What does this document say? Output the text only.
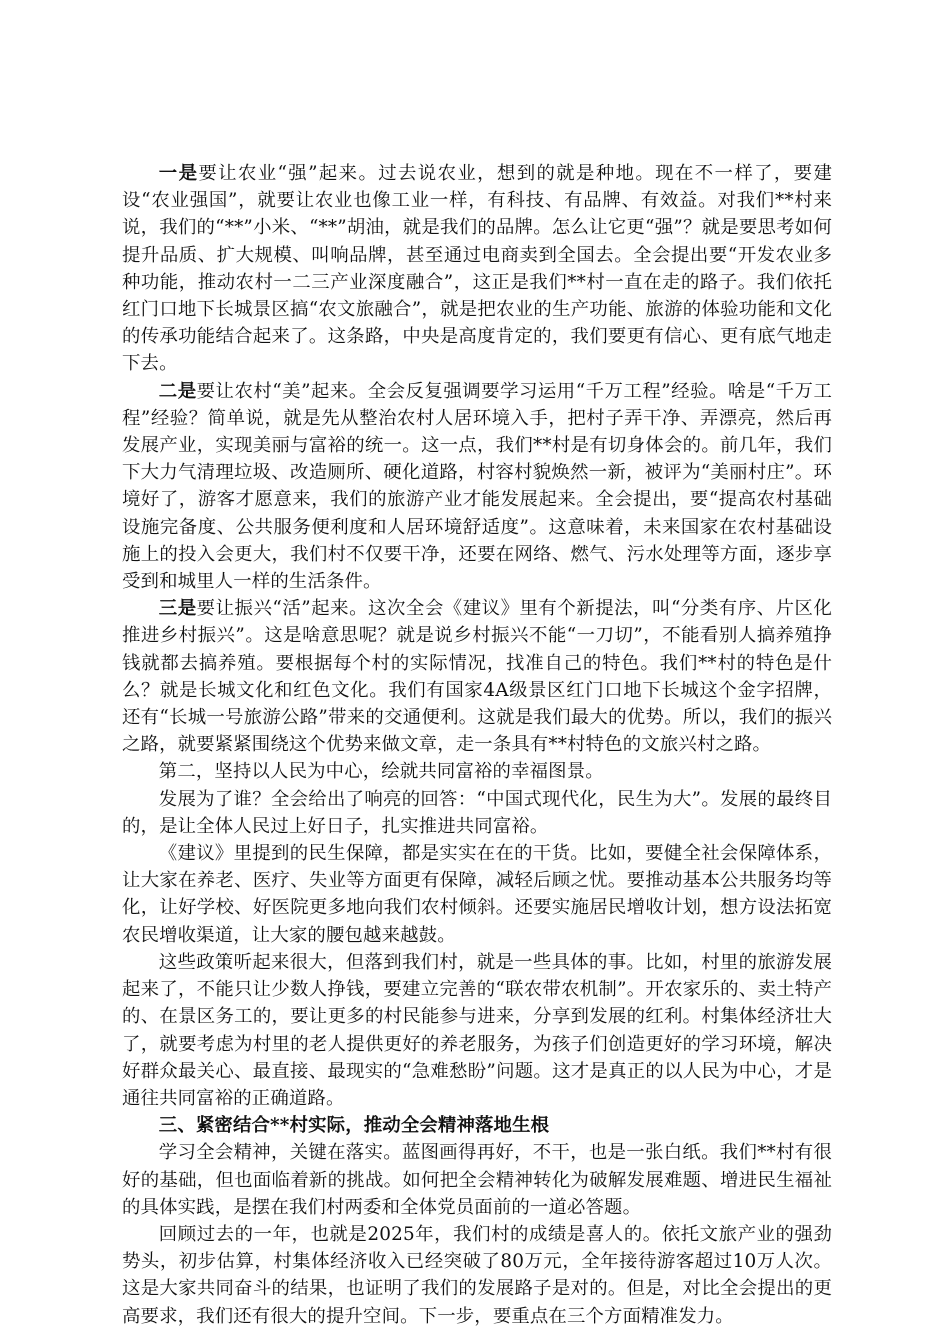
一是要让农业“强”起来。过去说农业，想到的就是种地。现在不一样了，要建设“农业强国”，就要让农业也像工业一样，有科技、有品牌、有效益。对我们**村来说，我们的“**”小米、“**”胡油，就是我们的品牌。怎么让它更“强”？就是要思考如何提升品质、扩大规模、叫响品牌，甚至通过电商卖到全国去。全会提出要“开发农业多种功能，推动农村一二三产业深度融合”，这正是我们**村一直在走的路子。我们依托红门口地下长城景区搞“农文旅融合”，就是把农业的生产功能、旅游的体验功能和文化的传承功能结合起来了。这条路，中央是高度肯定的，我们要更有信心、更有底气地走下去。

二是要让农村“美”起来。全会反复强调要学习运用“千万工程”经验。啥是“千万工程”经验？简单说，就是先从整治农村人居环境入手，把村子弄干净、弄漂亮，然后再发展产业，实现美丽与富裕的统一。这一点，我们**村是有切身体会的。前几年，我们下大力气清理垃圾、改造厕所、硬化道路，村容村貌焕然一新，被评为“美丽村庄”。环境好了，游客才愿意来，我们的旅游产业才能发展起来。全会提出，要“提高农村基础设施完备度、公共服务便利度和人居环境舒适度”。这意味着，未来国家在农村基础设施上的投入会更大，我们村不仅要干净，还要在网络、燃气、污水处理等方面，逐步享受到和城里人一样的生活条件。

三是要让振兴“活”起来。这次全会《建议》里有个新提法，叫“分类有序、片区化推进乡村振兴”。这是啥意思呢？就是说乡村振兴不能“一刀切”，不能看别人搞养殖挣钱就都去搞养殖。要根据每个村的实际情况，找准自己的特色。我们**村的特色是什么？就是长城文化和红色文化。我们有国家4A级景区红门口地下长城这个金字招牌，还有“长城一号旅游公路”带来的交通便利。这就是我们最大的优势。所以，我们的振兴之路，就要紧紧围绕这个优势来做文章，走一条具有**村特色的文旅兴村之路。

第二，坚持以人民为中心，绘就共同富裕的幸福图景。

发展为了谁？全会给出了响亮的回答：“中国式现代化，民生为大”。发展的最终目的，是让全体人民过上好日子，扎实推进共同富裕。

《建议》里提到的民生保障，都是实实在在的干货。比如，要健全社会保障体系，让大家在养老、医疗、失业等方面更有保障，减轻后顾之忧。要推动基本公共服务均等化，让好学校、好医院更多地向我们农村倾斜。还要实施居民增收计划，想方设法拓宽农民增收渠道，让大家的腰包越来越鼓。

这些政策听起来很大，但落到我们村，就是一些具体的事。比如，村里的旅游发展起来了，不能只让少数人挣钱，要建立完善的“联农带农机制”。开农家乐的、卖土特产的、在景区务工的，要让更多的村民能参与进来，分享到发展的红利。村集体经济壮大了，就要考虑为村里的老人提供更好的养老服务，为孩子们创造更好的学习环境，解决好群众最关心、最直接、最现实的“急难愁盼”问题。这才是真正的以人民为中心，才是通往共同富裕的正确道路。

三、紧密结合**村实际，推动全会精神落地生根

学习全会精神，关键在落实。蓝图画得再好，不干，也是一张白纸。我们**村有很好的基础，但也面临着新的挑战。如何把全会精神转化为破解发展难题、增进民生福祉的具体实践，是摆在我们村两委和全体党员面前的一道必答题。

回顾过去的一年，也就是2025年，我们村的成绩是喜人的。依托文旅产业的强劲势头，初步估算，村集体经济收入已经突破了80万元，全年接待游客超过10万人次。这是大家共同奋斗的结果，也证明了我们的发展路子是对的。但是，对比全会提出的更高要求，我们还有很大的提升空间。下一步，要重点在三个方面精准发力。
